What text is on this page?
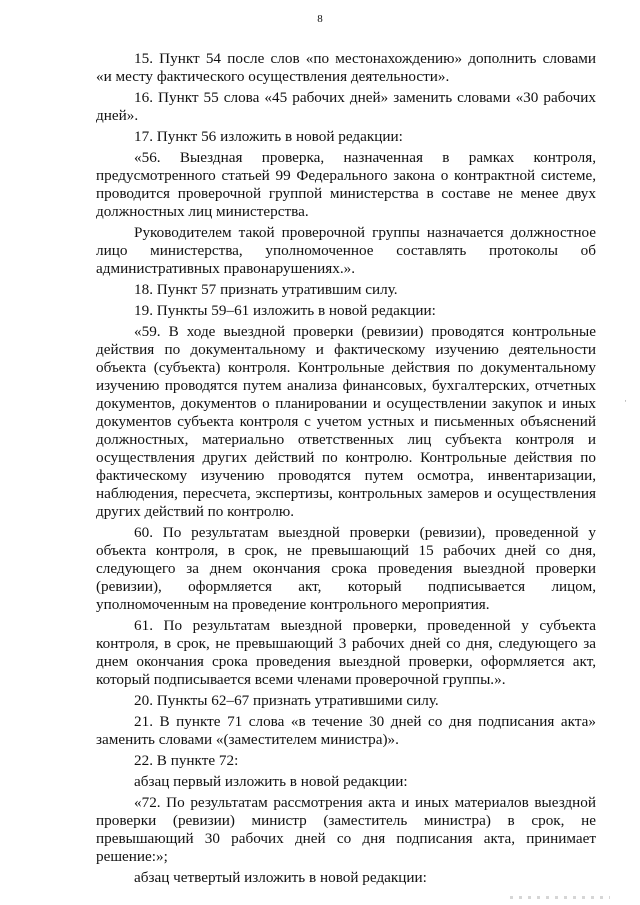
8

15. Пункт 54 после слов «по местонахождению» дополнить словами «и месту фактического осуществления деятельности».

16. Пункт 55 слова «45 рабочих дней» заменить словами «30 рабочих дней».

17. Пункт 56 изложить в новой редакции:

«56. Выездная проверка, назначенная в рамках контроля, предусмотренного статьей 99 Федерального закона о контрактной системе, проводится проверочной группой министерства в составе не менее двух должностных лиц министерства.

Руководителем такой проверочной группы назначается должностное лицо министерства, уполномоченное составлять протоколы об административных правонарушениях.».

18. Пункт 57 признать утратившим силу.

19. Пункты 59–61 изложить в новой редакции:

«59. В ходе выездной проверки (ревизии) проводятся контрольные действия по документальному и фактическому изучению деятельности объекта (субъекта) контроля. Контрольные действия по документальному изучению проводятся путем анализа финансовых, бухгалтерских, отчетных документов, документов о планировании и осуществлении закупок и иных документов субъекта контроля с учетом устных и письменных объяснений должностных, материально ответственных лиц субъекта контроля и осуществления других действий по контролю. Контрольные действия по фактическому изучению проводятся путем осмотра, инвентаризации, наблюдения, пересчета, экспертизы, контрольных замеров и осуществления других действий по контролю.

60. По результатам выездной проверки (ревизии), проведенной у объекта контроля, в срок, не превышающий 15 рабочих дней со дня, следующего за днем окончания срока проведения выездной проверки (ревизии), оформляется акт, который подписывается лицом, уполномоченным на проведение контрольного мероприятия.

61. По результатам выездной проверки, проведенной у субъекта контроля, в срок, не превышающий 3 рабочих дней со дня, следующего за днем окончания срока проведения выездной проверки, оформляется акт, который подписывается всеми членами проверочной группы.».

20. Пункты 62–67 признать утратившими силу.

21. В пункте 71 слова «в течение 30 дней со дня подписания акта» заменить словами «(заместителем министра)».

22. В пункте 72:

абзац первый изложить в новой редакции:

«72. По результатам рассмотрения акта и иных материалов выездной проверки (ревизии) министр (заместитель министра) в срок, не превышающий 30 рабочих дней со дня подписания акта, принимает решение:»;

абзац четвертый изложить в новой редакции:

·
